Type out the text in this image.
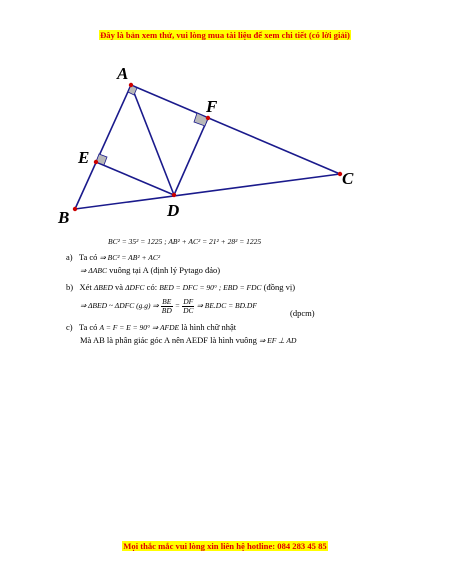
Đây là bản xem thử, vui lòng mua tài liệu để xem chi tiết (có lời giải)
A
B
C
D
E
F
BC² = 35² = 1225 ; AB² + AC² = 21² + 28² = 1225
a) Ta có ⇒ BC² = AB² + AC²
⇒ ΔABC vuông tại A (định lý Pytago đảo)
b) Xét ΔBED và ΔDFC có: BED = DFC = 90° ; EBD = FDC (đồng vị)
⇒ ΔBED ~ ΔDFC (g.g) ⇒ $\frac{BE}{BD} = \frac{DF}{DC}$ ⇒ BE.DC = BD.DF
(dpcm)
c) Ta có A = F = E = 90° ⇒ AFDE là hình chữ nhật
Mà AB là phân giác góc A nên AEDF là hình vuông ⇒ EF ⊥ AD
Mọi thắc mắc vui lòng xin liên hệ hotline: 084 283 45 85
